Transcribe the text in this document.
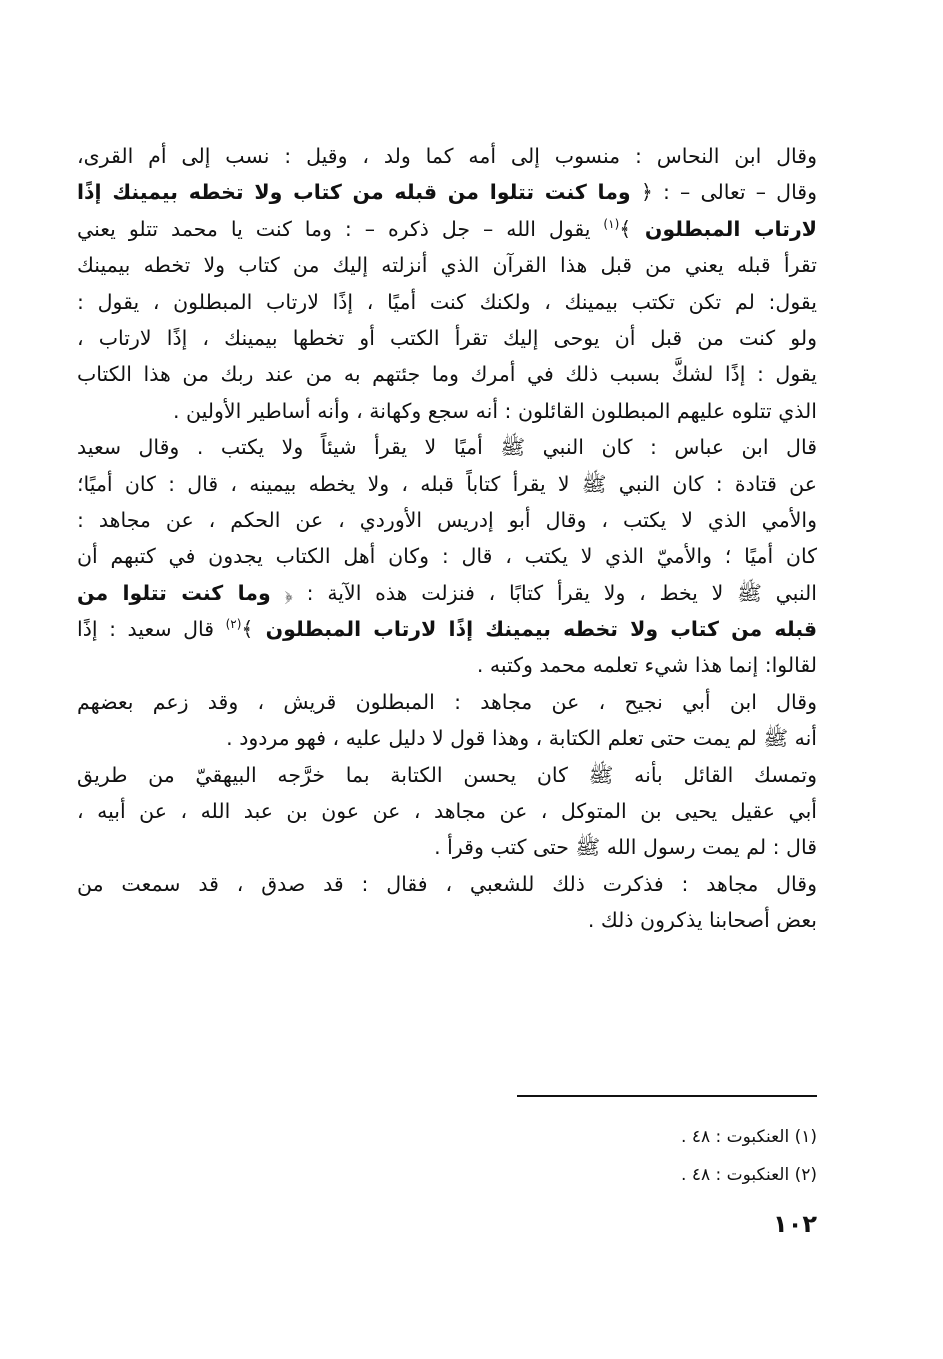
وقال ابن النحاس : منسوب إلى أمه كما ولد ، وقيل : نسب إلى أم القرى،
وقال – تعالى – : ﴿ وما كنت تتلوا من قبله من كتاب ولا تخطه بيمينك إذًا
لارتاب المبطلون ﴾$^{(١)}$ يقول الله – جل ذكره – : وما كنت يا محمد تتلو يعني
تقرأ قبله يعني من قبل هذا القرآن الذي أنزلته إليك من كتاب ولا تخطه بيمينك
يقول: لم تكن تكتب بيمينك ، ولكنك كنت أميًا ، إذًا لارتاب المبطلون ، يقول :
ولو كنت من قبل أن يوحى إليك تقرأ الكتب أو تخطها بيمينك ، إذًا لارتاب ،
يقول : إذًا لشكَّ بسبب ذلك في أمرك وما جئتهم به من عند ربك من هذا الكتاب
الذي تتلوه عليهم المبطلون القائلون : أنه سجع وكهانة ، وأنه أساطير الأولين .
قال ابن عباس : كان النبي ﷺ أميًا لا يقرأ شيئاً ولا يكتب . وقال سعيد
عن قتادة : كان النبي ﷺ لا يقرأ كتاباً قبله ، ولا يخطه بيمينه ، قال : كان أميًا؛
والأمي الذي لا يكتب ، وقال أبو إدريس الأوردي ، عن الحكم ، عن مجاهد :
كان أميًا ؛ والأميّ الذي لا يكتب ، قال : وكان أهل الكتاب يجدون في كتبهم أن
النبي ﷺ لا يخط ، ولا يقرأ كتابًا ، فنزلت هذه الآية : ﴿ وما كنت تتلوا من
قبله من كتاب ولا تخطه بيمينك إذًا لارتاب المبطلون ﴾$^{(٢)}$ قال سعيد : إذًا
لقالوا: إنما هذا شيء تعلمه محمد وكتبه .
وقال ابن أبي نجيح ، عن مجاهد : المبطلون قريش ، وقد زعم بعضهم
أنه ﷺ لم يمت حتى تعلم الكتابة ، وهذا قول لا دليل عليه ، فهو مردود .
وتمسك القائل بأنه ﷺ كان يحسن الكتابة بما خرَّجه البيهقيّ من طريق
أبي عقيل يحيى بن المتوكل ، عن مجاهد ، عن عون بن عبد الله ، عن أبيه ،
قال : لم يمت رسول الله ﷺ حتى كتب وقرأ .
وقال مجاهد : فذكرت ذلك للشعبي ، فقال : قد صدق ، قد سمعت من
بعض أصحابنا يذكرون ذلك .
(١) العنكبوت : ٤٨ .
(٢) العنكبوت : ٤٨ .
١٠٢
